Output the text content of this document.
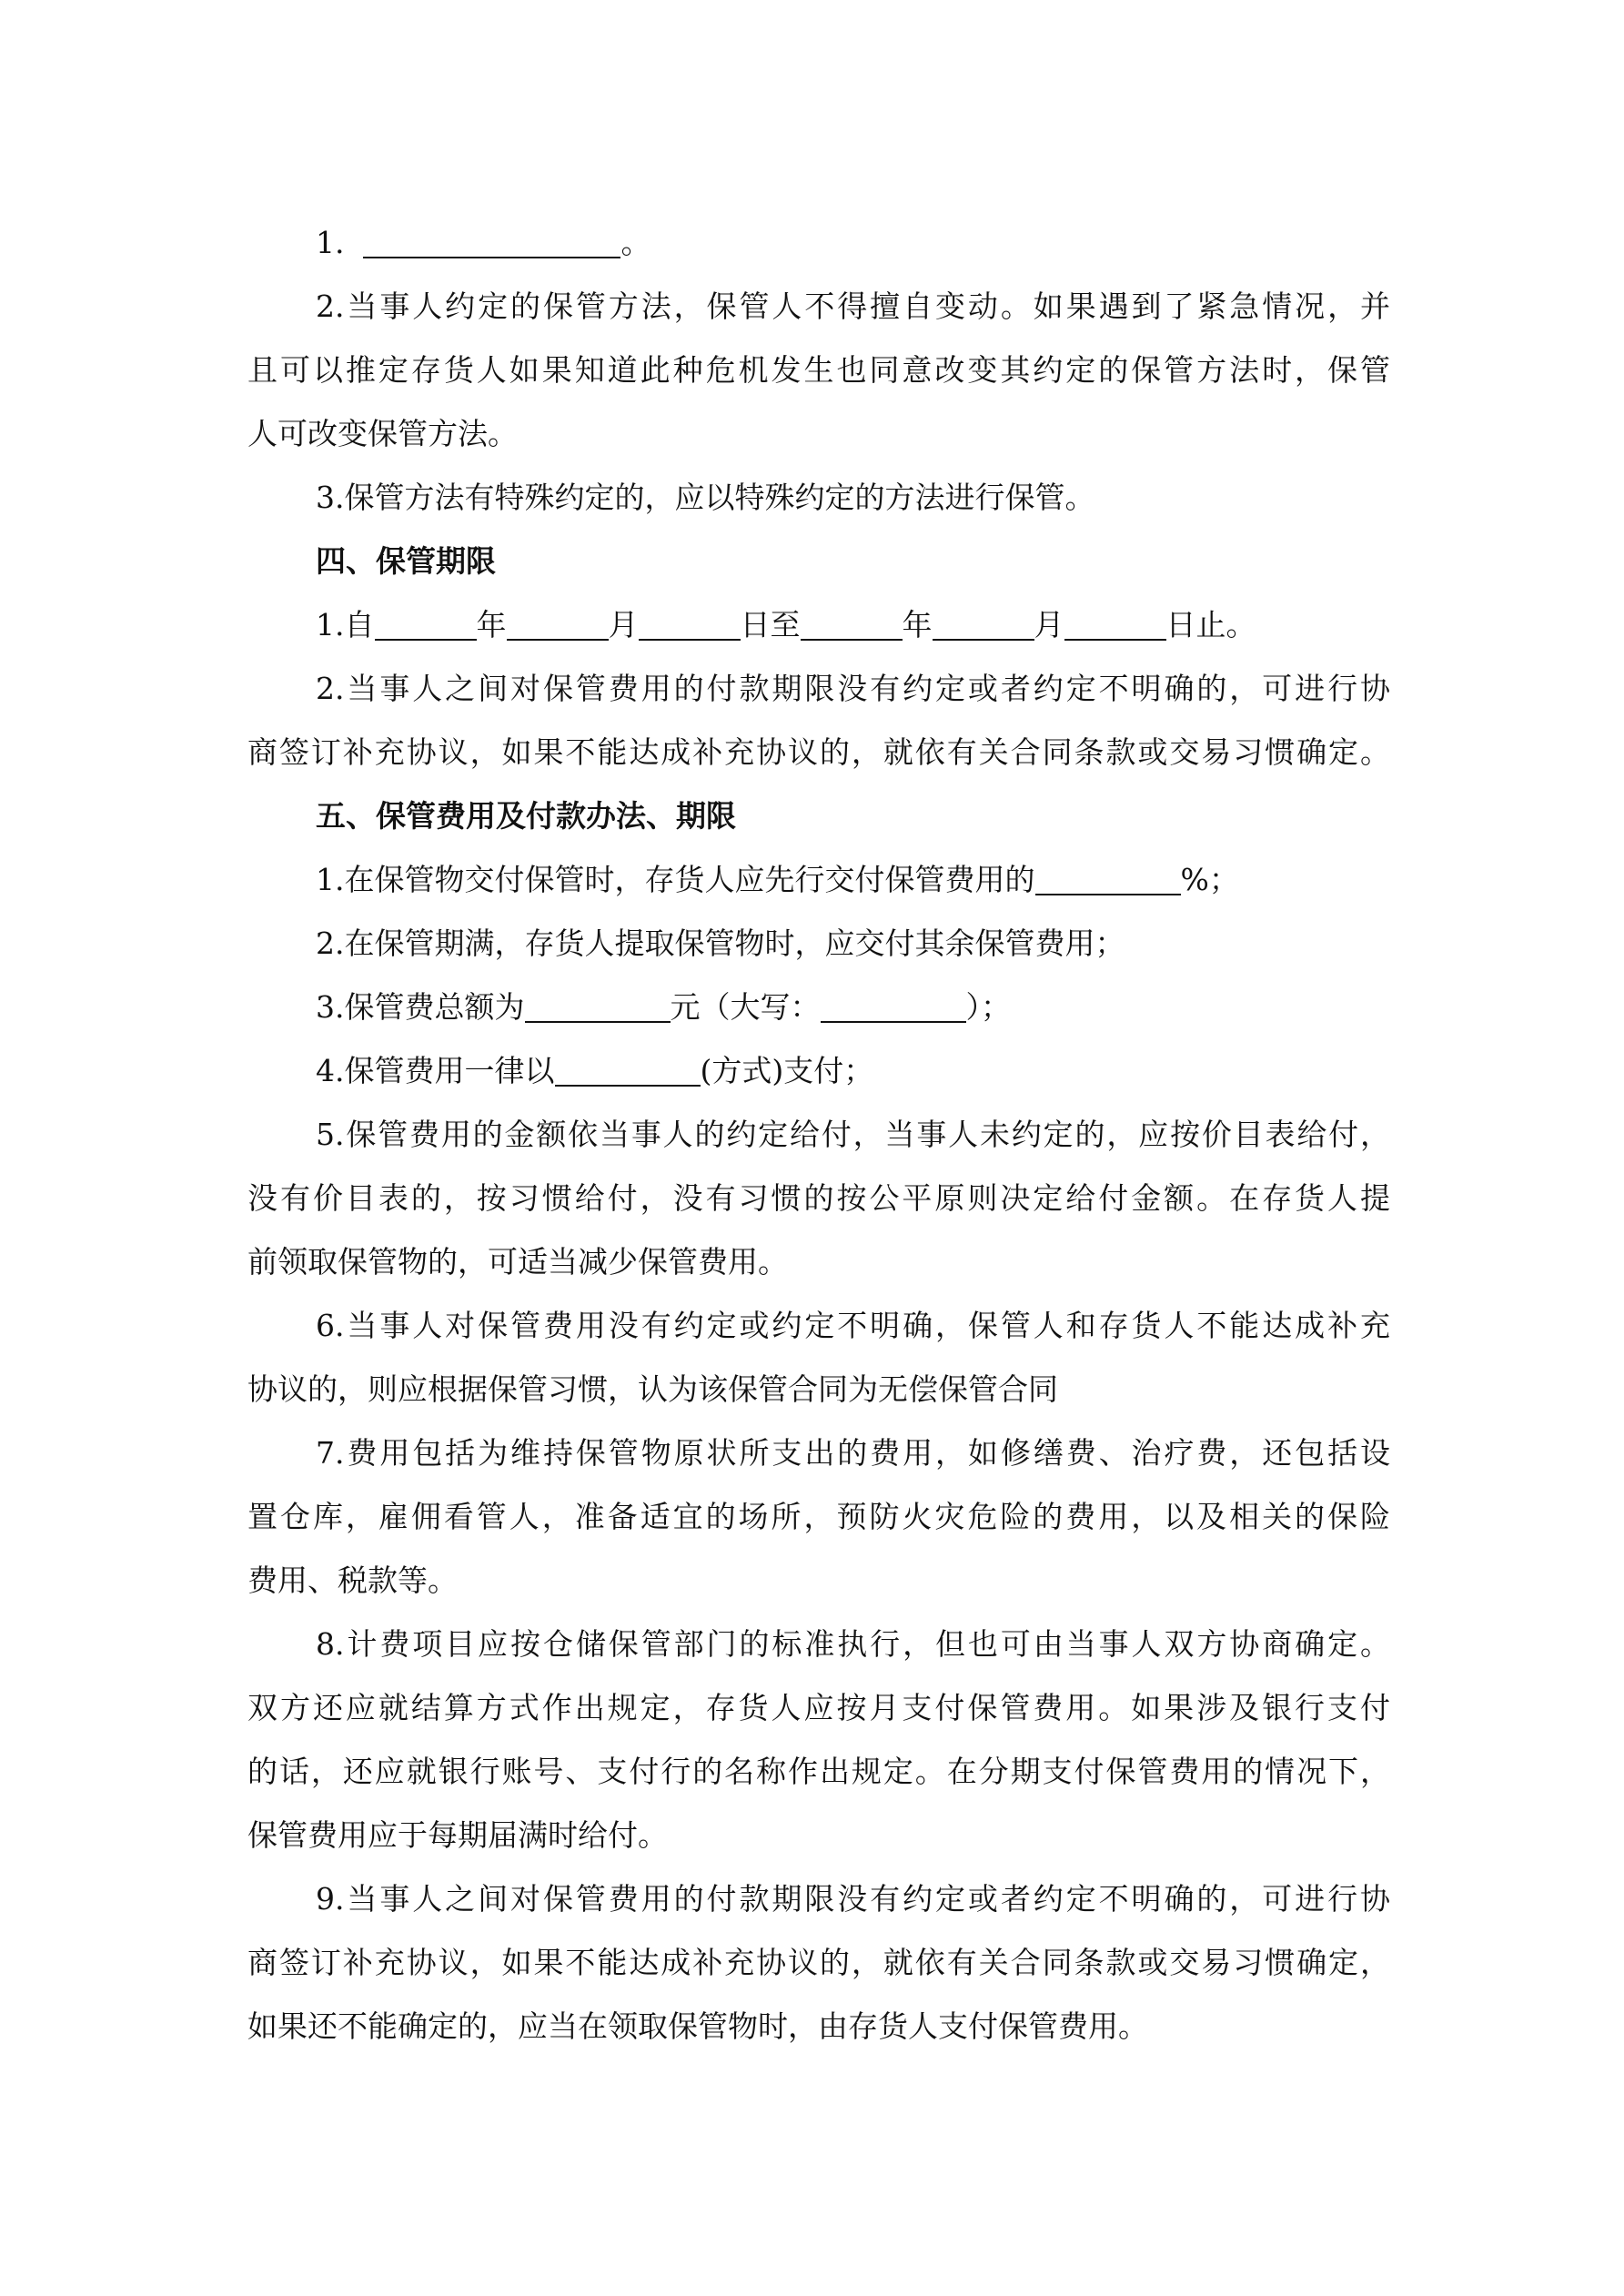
1.	。
2.当事人约定的保管方法，保管人不得擅自变动。如果遇到了紧急情况，并
且可以推定存货人如果知道此种危机发生也同意改变其约定的保管方法时，保管
人可改变保管方法。
3.保管方法有特殊约定的，应以特殊约定的方法进行保管。
四、保管期限
1.自	年	月	日至	年	月	日止。
2.当事人之间对保管费用的付款期限没有约定或者约定不明确的，可进行协
商签订补充协议，如果不能达成补充协议的，就依有关合同条款或交易习惯确定。
五、保管费用及付款办法、期限
1.在保管物交付保管时，存货人应先行交付保管费用的	%；
2.在保管期满，存货人提取保管物时，应交付其余保管费用；
3.保管费总额为	元（大写：	）；
4.保管费用一律以	(方式)支付；
5.保管费用的金额依当事人的约定给付，当事人未约定的，应按价目表给付，
没有价目表的，按习惯给付，没有习惯的按公平原则决定给付金额。在存货人提
前领取保管物的，可适当减少保管费用。
6.当事人对保管费用没有约定或约定不明确，保管人和存货人不能达成补充
协议的，则应根据保管习惯，认为该保管合同为无偿保管合同
7.费用包括为维持保管物原状所支出的费用，如修缮费、治疗费，还包括设
置仓库，雇佣看管人，准备适宜的场所，预防火灾危险的费用，以及相关的保险
费用、税款等。
8.计费项目应按仓储保管部门的标准执行，但也可由当事人双方协商确定。
双方还应就结算方式作出规定，存货人应按月支付保管费用。如果涉及银行支付
的话，还应就银行账号、支付行的名称作出规定。在分期支付保管费用的情况下，
保管费用应于每期届满时给付。
9.当事人之间对保管费用的付款期限没有约定或者约定不明确的，可进行协
商签订补充协议，如果不能达成补充协议的，就依有关合同条款或交易习惯确定，
如果还不能确定的，应当在领取保管物时，由存货人支付保管费用。
